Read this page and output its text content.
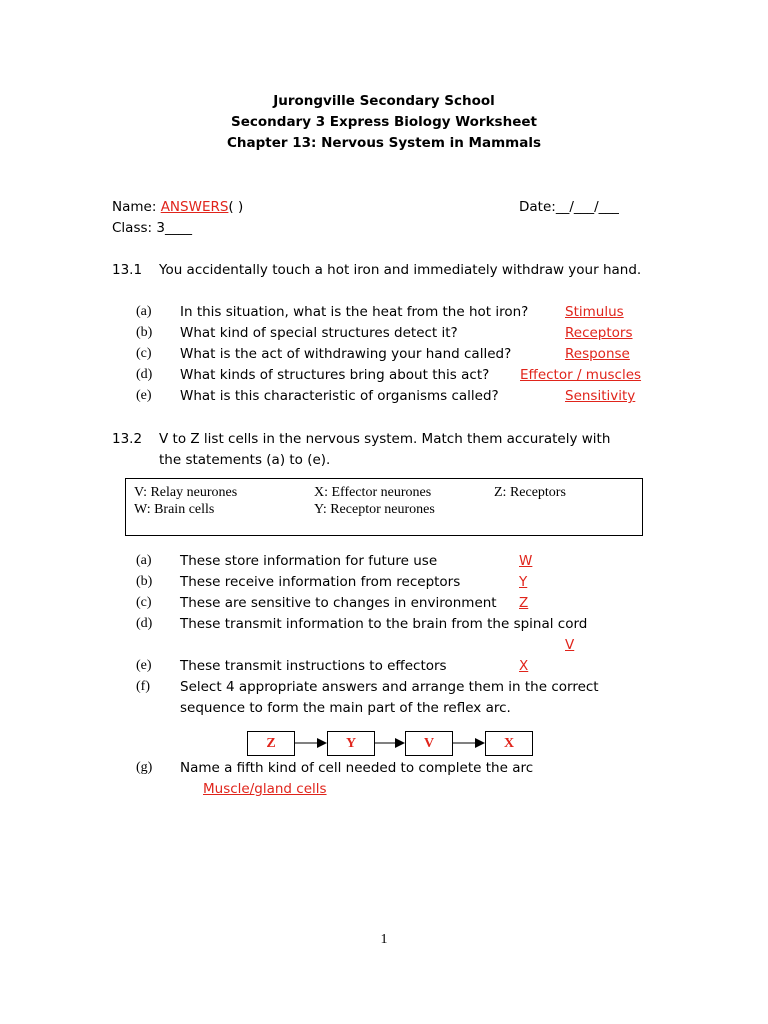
Jurongville Secondary School
Secondary 3 Express Biology Worksheet
Chapter 13: Nervous System in Mammals
Name: ANSWERS( )	Date:__/___/___
Class: 3____
13.1 You accidentally touch a hot iron and immediately withdraw your hand.
(a) In this situation, what is the heat from the hot iron?	Stimulus
(b) What kind of special structures detect it?	Receptors
(c) What is the act of withdrawing your hand called?	Response
(d) What kinds of structures bring about this act? Effector / muscles
(e) What is this characteristic of organisms called?	Sensitivity
13.2 V to Z list cells in the nervous system. Match them accurately with
the statements (a) to (e).
V: Relay neurones	X: Effector neurones	Z: Receptors
W: Brain cells	Y: Receptor neurones
(a) These store information for future use	W
(b) These receive information from receptors	Y
(c) These are sensitive to changes in environment Z
(d) These transmit information to the brain from the spinal cord
V
(e) These transmit instructions to effectors	X
(f) Select 4 appropriate answers and arrange them in the correct
sequence to form the main part of the reflex arc.
Z	Y	V	X
(g) Name a fifth kind of cell needed to complete the arc
Muscle/gland cells
1
